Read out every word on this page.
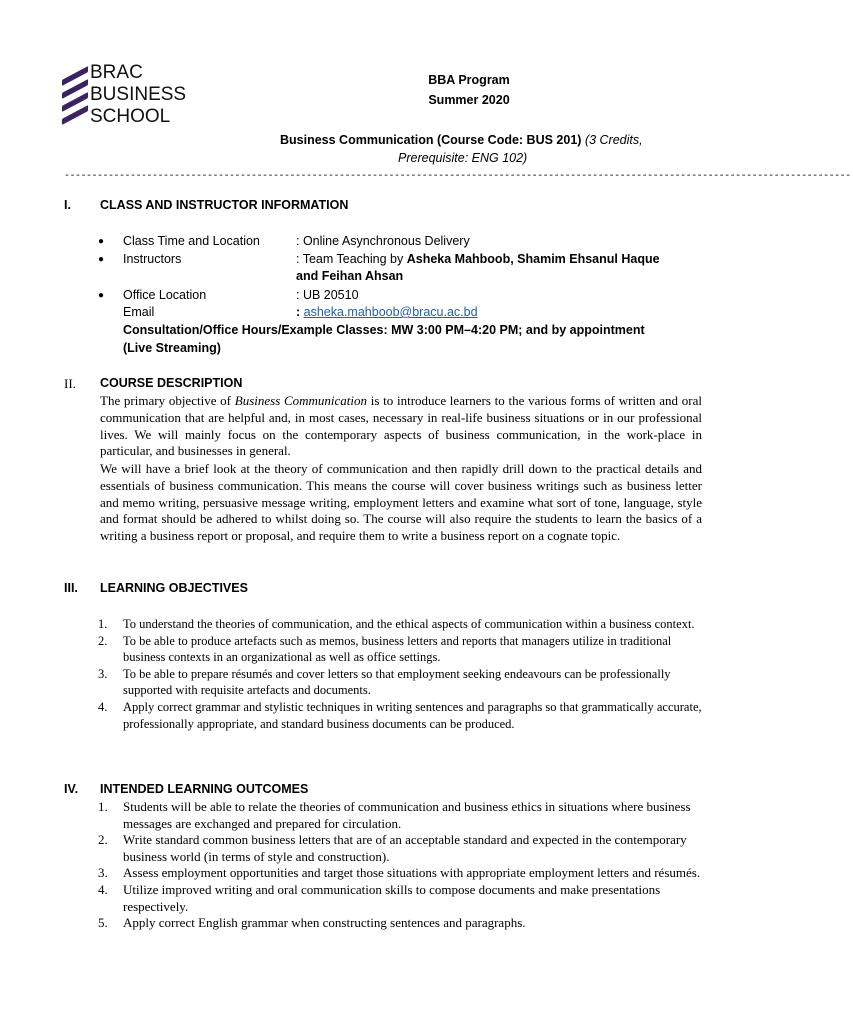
BRAC
BUSINESS
SCHOOL
BBA Program
Summer 2020
Business Communication (Course Code: BUS 201) (3 Credits,
Prerequisite: ENG 102)
-----------------------------------------------------------------------------------------------------------------------------------------------
I. CLASS AND INSTRUCTOR INFORMATION
● Class Time and Location	: Online Asynchronous Delivery
● Instructors	: Team Teaching by Asheka Mahboob, Shamim Ehsanul Haque
and Feihan Ahsan
● Office Location	: UB 20510
Email	: asheka.mahboob@bracu.ac.bd
Consultation/Office Hours/Example Classes: MW 3:00 PM–4:20 PM; and by appointment
(Live Streaming)
II. COURSE DESCRIPTION
The primary objective of Business Communication is to introduce learners to the various forms of written and oral communication that are helpful and, in most cases, necessary in real-life business situations or in our professional lives. We will mainly focus on the contemporary aspects of business communication, in the work-place in particular, and businesses in general.
We will have a brief look at the theory of communication and then rapidly drill down to the practical details and essentials of business communication. This means the course will cover business writings such as business letter and memo writing, persuasive message writing, employment letters and examine what sort of tone, language, style and format should be adhered to whilst doing so. The course will also require the students to learn the basics of a writing a business report or proposal, and require them to write a business report on a cognate topic.
III. LEARNING OBJECTIVES
1. To understand the theories of communication, and the ethical aspects of communication within a business context.
2. To be able to produce artefacts such as memos, business letters and reports that managers utilize in traditional business contexts in an organizational as well as office settings.
3. To be able to prepare résumés and cover letters so that employment seeking endeavours can be professionally supported with requisite artefacts and documents.
4. Apply correct grammar and stylistic techniques in writing sentences and paragraphs so that grammatically accurate, professionally appropriate, and standard business documents can be produced.
IV. INTENDED LEARNING OUTCOMES
1. Students will be able to relate the theories of communication and business ethics in situations where business messages are exchanged and prepared for circulation.
2. Write standard common business letters that are of an acceptable standard and expected in the contemporary business world (in terms of style and construction).
3. Assess employment opportunities and target those situations with appropriate employment letters and résumés.
4. Utilize improved writing and oral communication skills to compose documents and make presentations respectively.
5. Apply correct English grammar when constructing sentences and paragraphs.
